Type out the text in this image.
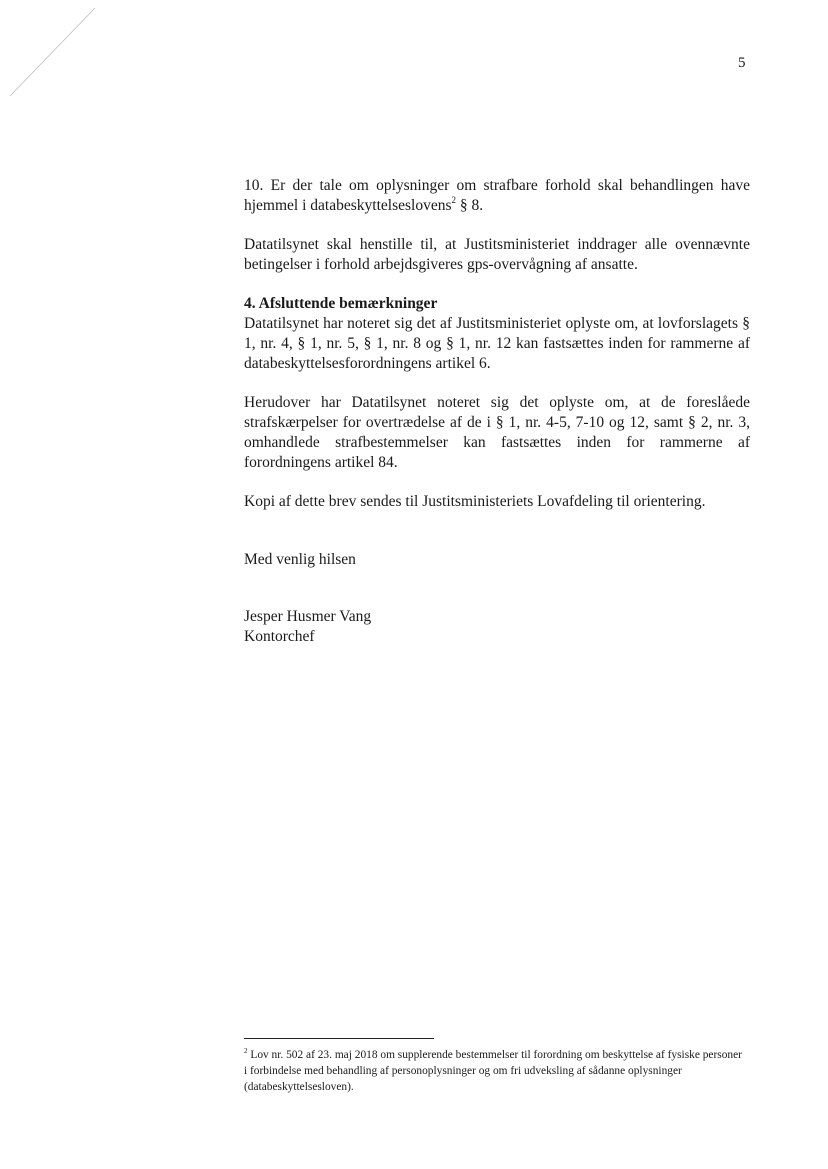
5

10. Er der tale om oplysninger om strafbare forhold skal behandlingen have hjemmel i databeskyttelseslovens$^2$ § 8.

Datatilsynet skal henstille til, at Justitsministeriet inddrager alle ovennævnte betingelser i forhold arbejdsgiveres gps-overvågning af ansatte.

4. Afsluttende bemærkninger

Datatilsynet har noteret sig det af Justitsministeriet oplyste om, at lovforslagets § 1, nr. 4, § 1, nr. 5, § 1, nr. 8 og § 1, nr. 12 kan fastsættes inden for rammerne af databeskyttelsesforordningens artikel 6.

Herudover har Datatilsynet noteret sig det oplyste om, at de foreslåede strafskærpelser for overtrædelse af de i § 1, nr. 4-5, 7-10 og 12, samt § 2, nr. 3, omhandlede strafbestemmelser kan fastsættes inden for rammerne af forordningens artikel 84.

Kopi af dette brev sendes til Justitsministeriets Lovafdeling til orientering.

Med venlig hilsen

Jesper Husmer Vang
Kontorchef
$^2$ Lov nr. 502 af 23. maj 2018 om supplerende bestemmelser til forordning om beskyttelse af fysiske personer i forbindelse med behandling af personoplysninger og om fri udveksling af sådanne oplysninger (databeskyttelsesloven).
